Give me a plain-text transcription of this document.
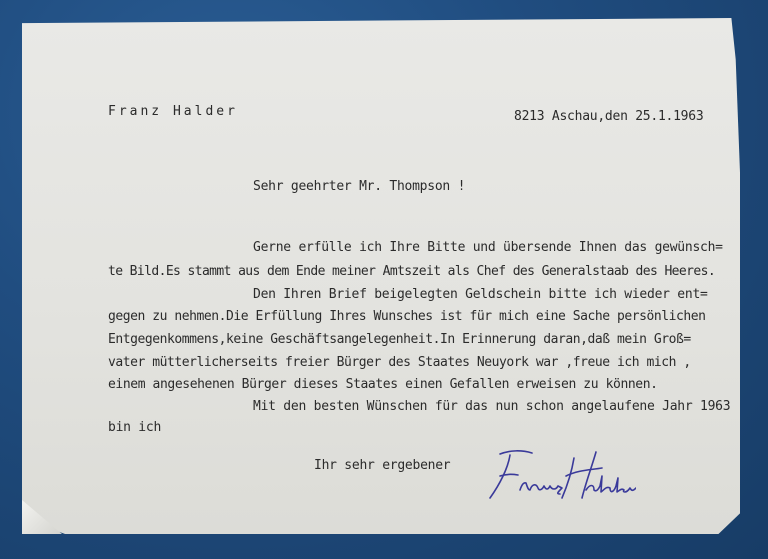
Franz Halder	8213 Aschau,den 25.1.1963
Sehr geehrter Mr. Thompson !
Gerne erfülle ich Ihre Bitte und übersende Ihnen das gewünsch=
te Bild.Es stammt aus dem Ende meiner Amtszeit als Chef des Generalstaab des Heeres.
Den Ihren Brief beigelegten Geldschein bitte ich wieder ent=
gegen zu nehmen.Die Erfüllung Ihres Wunsches ist für mich eine Sache persönlichen
Entgegenkommens,keine Geschäftsangelegenheit.In Erinnerung daran,daß mein Groß=
vater mütterlicherseits freier Bürger des Staates Neuyork war ,freue ich mich ,
einem angesehenen Bürger dieses Staates einen Gefallen erweisen zu können.
Mit den besten Wünschen für das nun schon angelaufene Jahr 1963
bin ich
Ihr sehr ergebener
